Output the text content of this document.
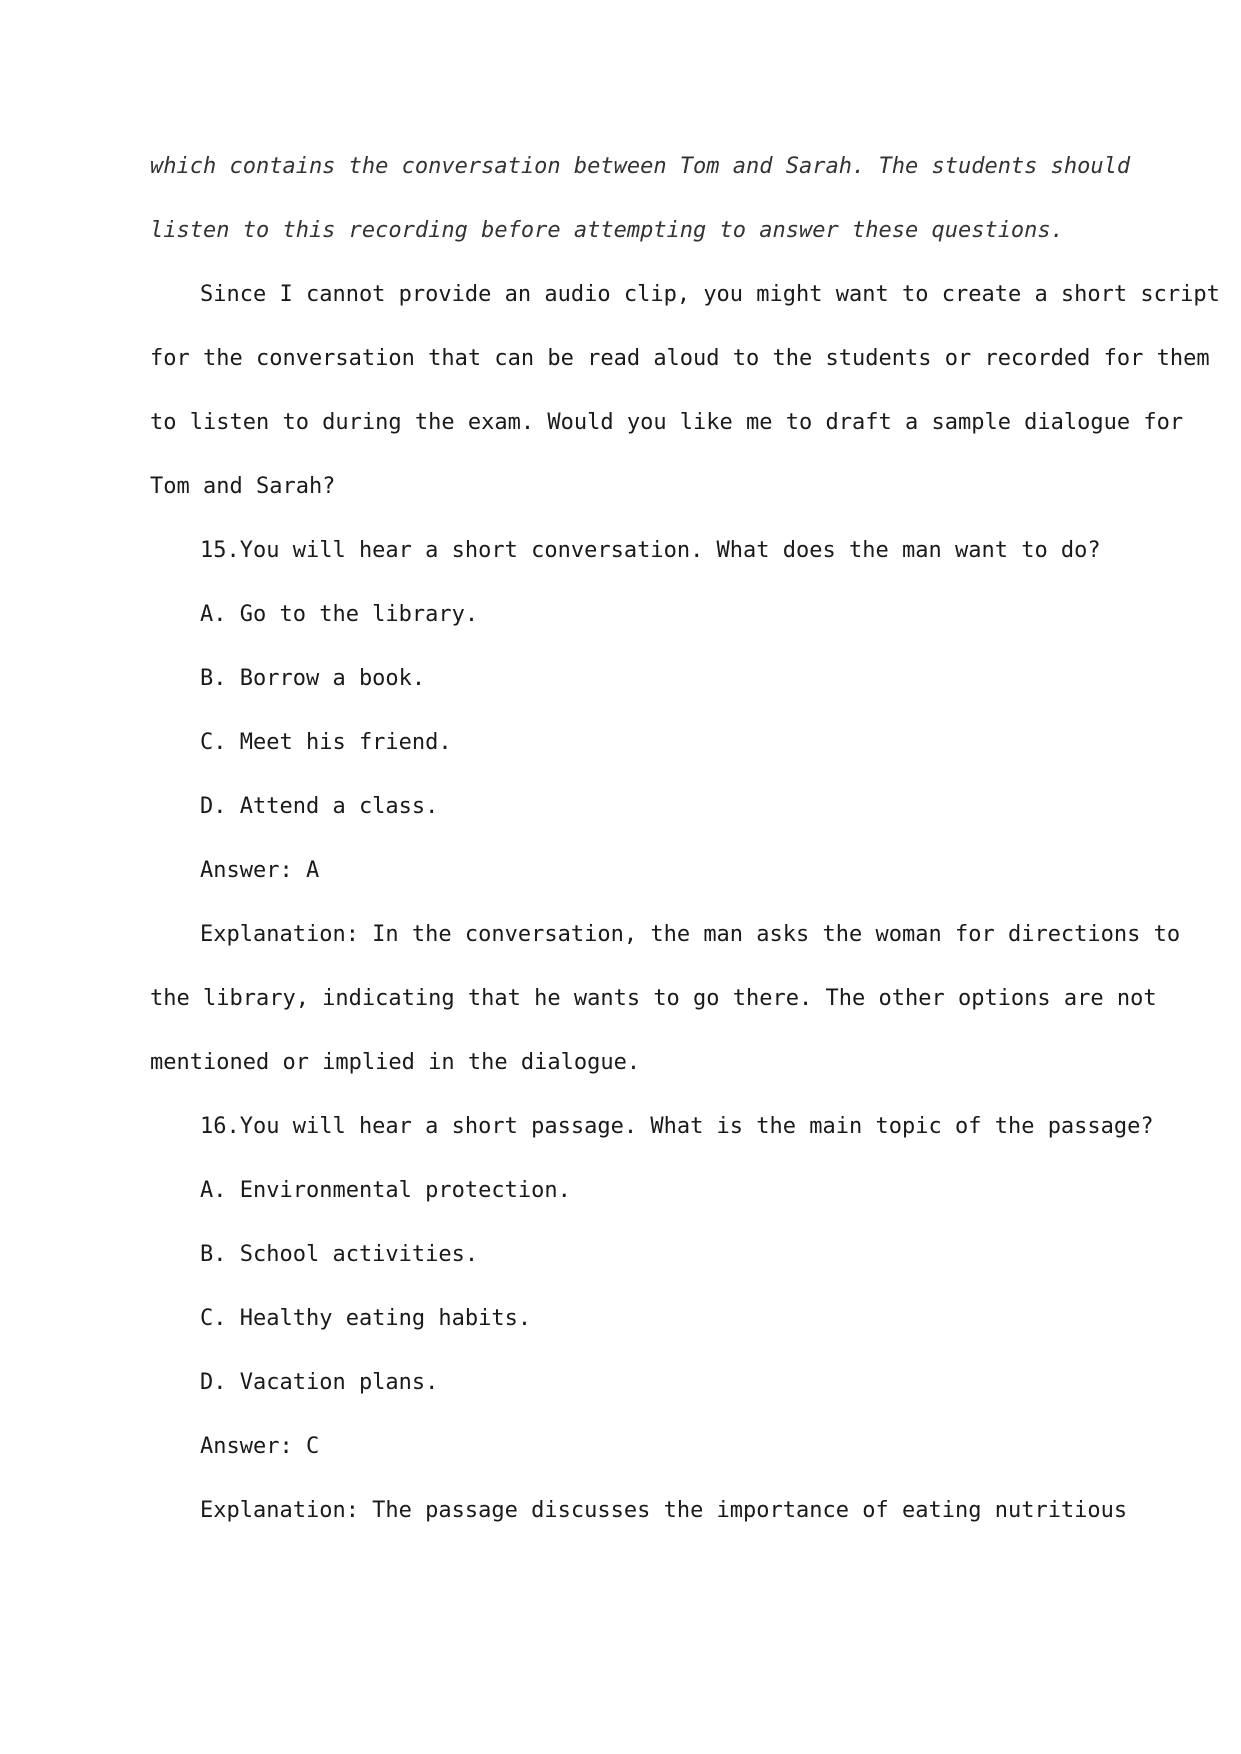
which contains the conversation between Tom and Sarah. The students should
listen to this recording before attempting to answer these questions.
Since I cannot provide an audio clip, you might want to create a short script
for the conversation that can be read aloud to the students or recorded for them
to listen to during the exam. Would you like me to draft a sample dialogue for
Tom and Sarah?
15.You will hear a short conversation. What does the man want to do?
A. Go to the library.
B. Borrow a book.
C. Meet his friend.
D. Attend a class.
Answer: A
Explanation: In the conversation, the man asks the woman for directions to
the library, indicating that he wants to go there. The other options are not
mentioned or implied in the dialogue.
16.You will hear a short passage. What is the main topic of the passage?
A. Environmental protection.
B. School activities.
C. Healthy eating habits.
D. Vacation plans.
Answer: C
Explanation: The passage discusses the importance of eating nutritious
